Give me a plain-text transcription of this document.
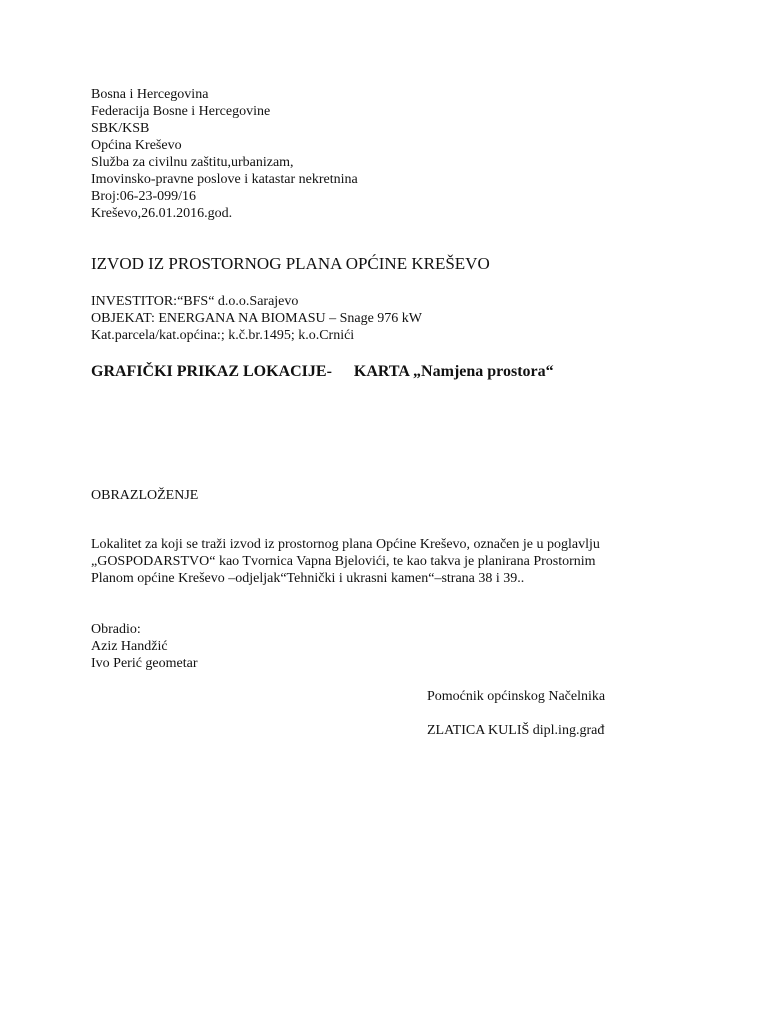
Bosna i Hercegovina
Federacija Bosne i Hercegovine
SBK/KSB
Općina Kreševo
Služba za civilnu zaštitu,urbanizam,
Imovinsko-pravne poslove i katastar nekretnina
Broj:06-23-099/16
Kreševo,26.01.2016.god.
IZVOD IZ PROSTORNOG PLANA OPĆINE KREŠEVO
INVESTITOR:“BFS“ d.o.o.Sarajevo
OBJEKAT: ENERGANA NA BIOMASU – Snage 976 kW
Kat.parcela/kat.općina:; k.č.br.1495; k.o.Crnići
GRAFIČKI PRIKAZ LOKACIJE- KARTA „Namjena prostora“
OBRAZLOŽENJE
Lokalitet za koji se traži izvod iz prostornog plana Općine Kreševo, označen je u poglavlju
„GOSPODARSTVO“ kao Tvornica Vapna Bjelovići, te kao takva je planirana Prostornim
Planom općine Kreševo –odjeljak“Tehnički i ukrasni kamen“–strana 38 i 39..
Obradio:
Aziz Handžić
Ivo Perić geometar
Pomoćnik općinskog Načelnika
ZLATICA KULIŠ dipl.ing.građ
